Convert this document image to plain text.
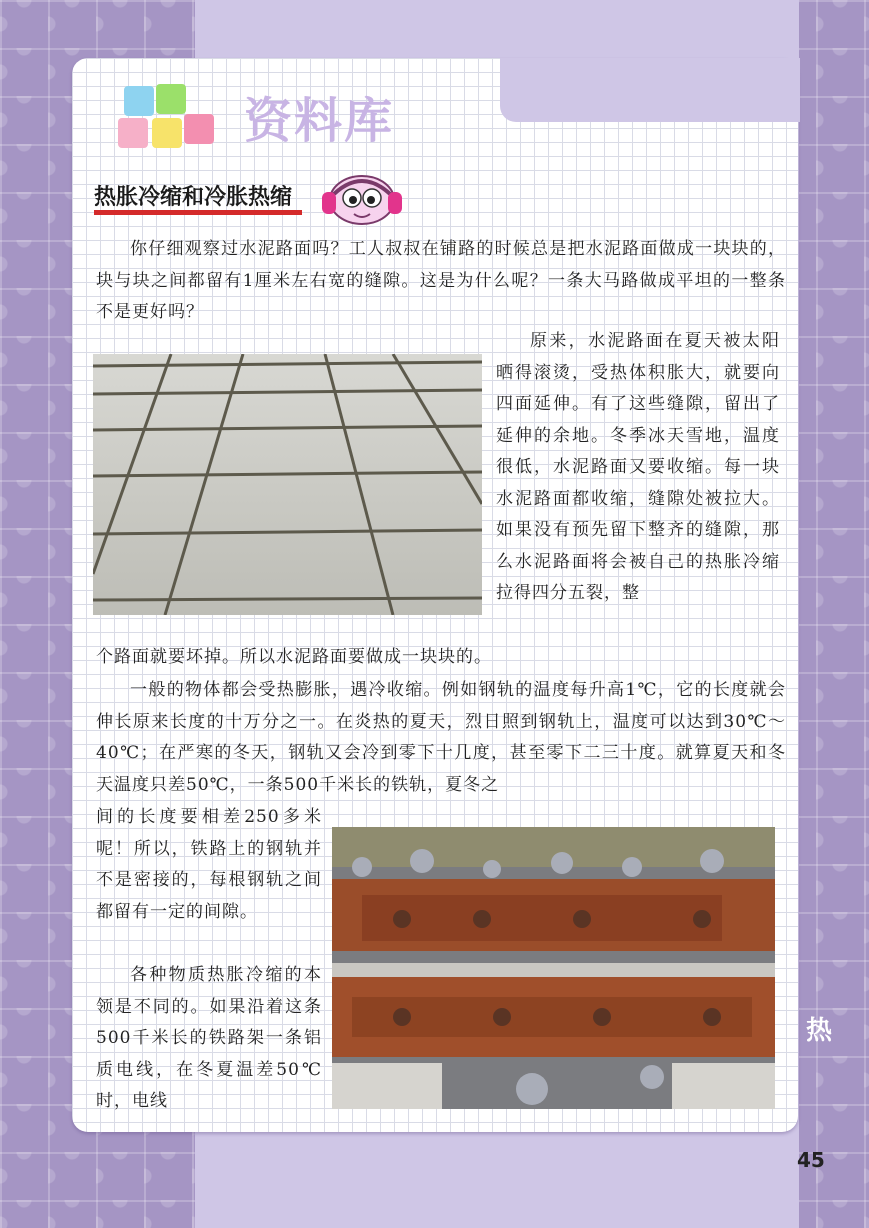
资料库
热胀冷缩和冷胀热缩
你仔细观察过水泥路面吗？工人叔叔在铺路的时候总是把水泥路面做成一块块的，块与块之间都留有1厘米左右宽的缝隙。这是为什么呢？一条大马路做成平坦的一整条不是更好吗？
原来，水泥路面在夏天被太阳晒得滚烫，受热体积胀大，就要向四面延伸。有了这些缝隙，留出了延伸的余地。冬季冰天雪地，温度很低，水泥路面又要收缩。每一块水泥路面都收缩，缝隙处被拉大。如果没有预先留下整齐的缝隙，那么水泥路面将会被自己的热胀冷缩拉得四分五裂，整
个路面就要坏掉。所以水泥路面要做成一块块的。
一般的物体都会受热膨胀，遇冷收缩。例如钢轨的温度每升高1℃，它的长度就会伸长原来长度的十万分之一。在炎热的夏天，烈日照到钢轨上，温度可以达到30℃～40℃；在严寒的冬天，钢轨又会冷到零下十几度，甚至零下二三十度。就算夏天和冬天温度只差50℃，一条500千米长的铁轨，夏冬之
间的长度要相差250多米呢！所以，铁路上的钢轨并不是密接的，每根钢轨之间都留有一定的间隙。
各种物质热胀冷缩的本领是不同的。如果沿着这条500千米长的铁路架一条铝质电线，在冬夏温差50℃时，电线
热
45
